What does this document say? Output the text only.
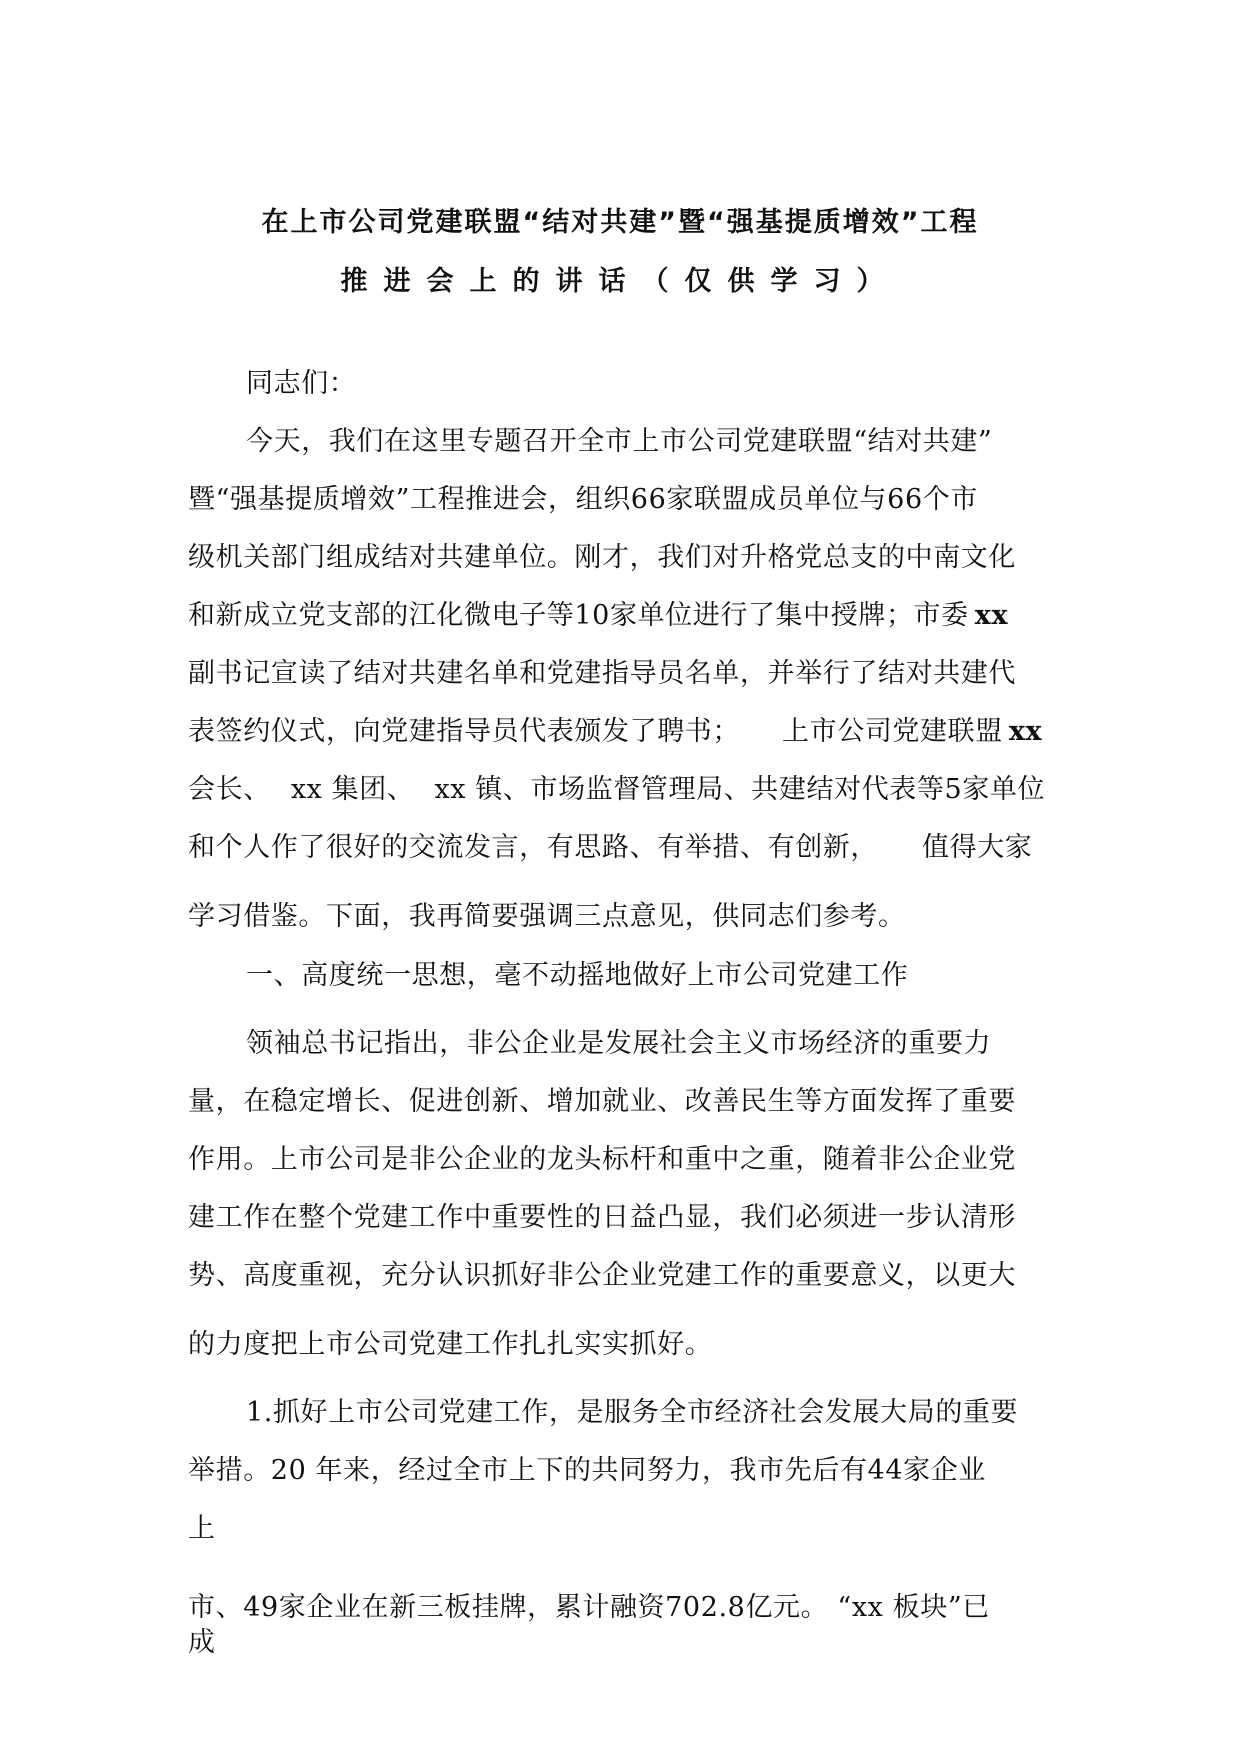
在上市公司党建联盟“结对共建”暨“强基提质增效”工程
推进会上的讲话（仅供学习）
同志们：
今天，我们在这里专题召开全市上市公司党建联盟“结对共建”
暨“强基提质增效”工程推进会，组织66家联盟成员单位与66个市
级机关部门组成结对共建单位。刚才，我们对升格党总支的中南文化
和新成立党支部的江化微电子等10家单位进行了集中授牌；市委 xx
副书记宣读了结对共建名单和党建指导员名单，并举行了结对共建代
表签约仪式，向党建指导员代表颁发了聘书； 上市公司党建联盟 xx
会长、 xx 集团、 xx 镇、市场监督管理局、共建结对代表等5家单位
和个人作了很好的交流发言，有思路、有举措、有创新， 值得大家
学习借鉴。下面，我再简要强调三点意见，供同志们参考。
一、高度统一思想，毫不动摇地做好上市公司党建工作
领袖总书记指出，非公企业是发展社会主义市场经济的重要力
量，在稳定增长、促进创新、增加就业、改善民生等方面发挥了重要
作用。上市公司是非公企业的龙头标杆和重中之重，随着非公企业党
建工作在整个党建工作中重要性的日益凸显，我们必须进一步认清形
势、高度重视，充分认识抓好非公企业党建工作的重要意义，以更大
的力度把上市公司党建工作扎扎实实抓好。
1.抓好上市公司党建工作，是服务全市经济社会发展大局的重要
举措。20 年来，经过全市上下的共同努力，我市先后有44家企业
上
市、49家企业在新三板挂牌，累计融资702.8亿元。 “xx 板块”已
成
